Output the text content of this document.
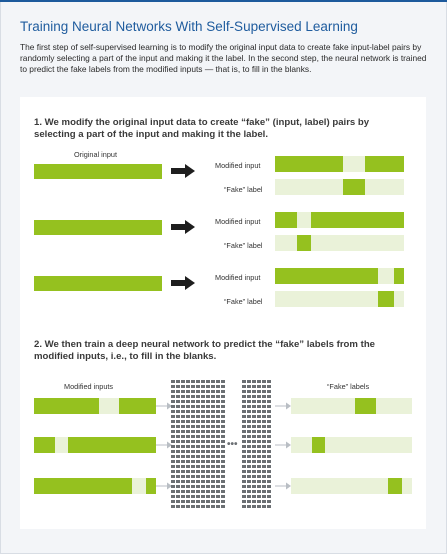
Training Neural Networks With Self-Supervised Learning
The first step of self-supervised learning is to modify the original input data to create fake input-label pairs by randomly selecting a part of the input and making it the label. In the second step, the neural network is trained to predict the fake labels from the modified inputs — that is, to fill in the blanks.
1. We modify the original input data to create “fake” (input, label) pairs by selecting a part of the input and making it the label.
Original input
Modified input
“Fake” label
Modified input
“Fake” label
Modified input
“Fake” label
2. We then train a deep neural network to predict the “fake” labels from the modified inputs, i.e., to fill in the blanks.
Modified inputs	“Fake” labels
•••
